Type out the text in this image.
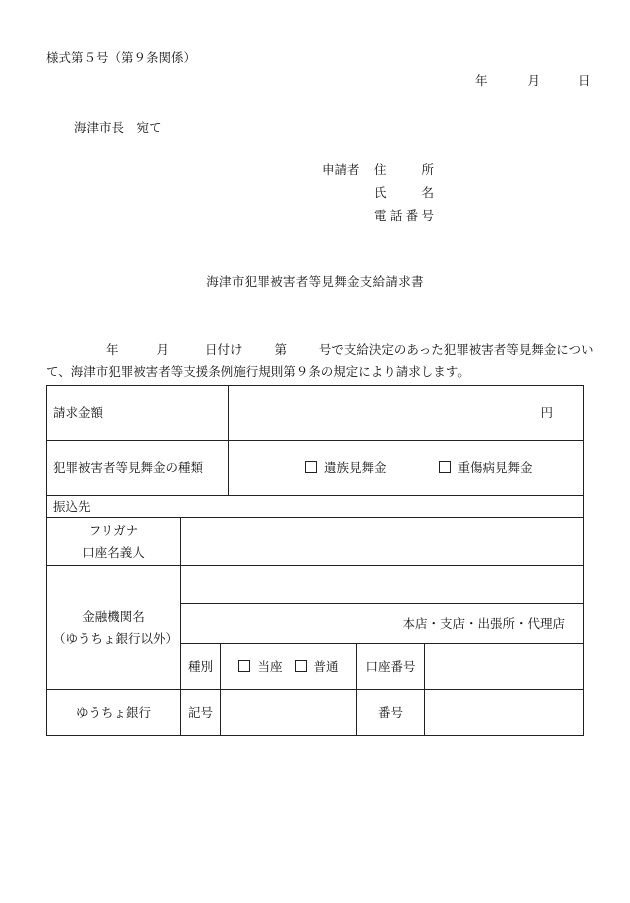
様式第５号（第９条関係）
年	月	日
海津市長　宛て
申請者 住所
氏名
電話番号
海津市犯罪被害者等見舞金支給請求書
年	月	日付け	第	号で支給決定のあった犯罪被害者等見舞金につい
て、海津市犯罪被害者等支援条例施行規則第９条の規定により請求します。
請求金額			円		
犯罪被害者等見舞金の種類			遺族見舞金 重傷病見舞金		
振込先					

フリガナ
口座名義人					

金融機関名
（ゆうちょ銀行以外）					

	本店・支店・出張所・代理店				
	種別	当座 普通		口座番号	
ゆうちょ銀行	記号			番号	
